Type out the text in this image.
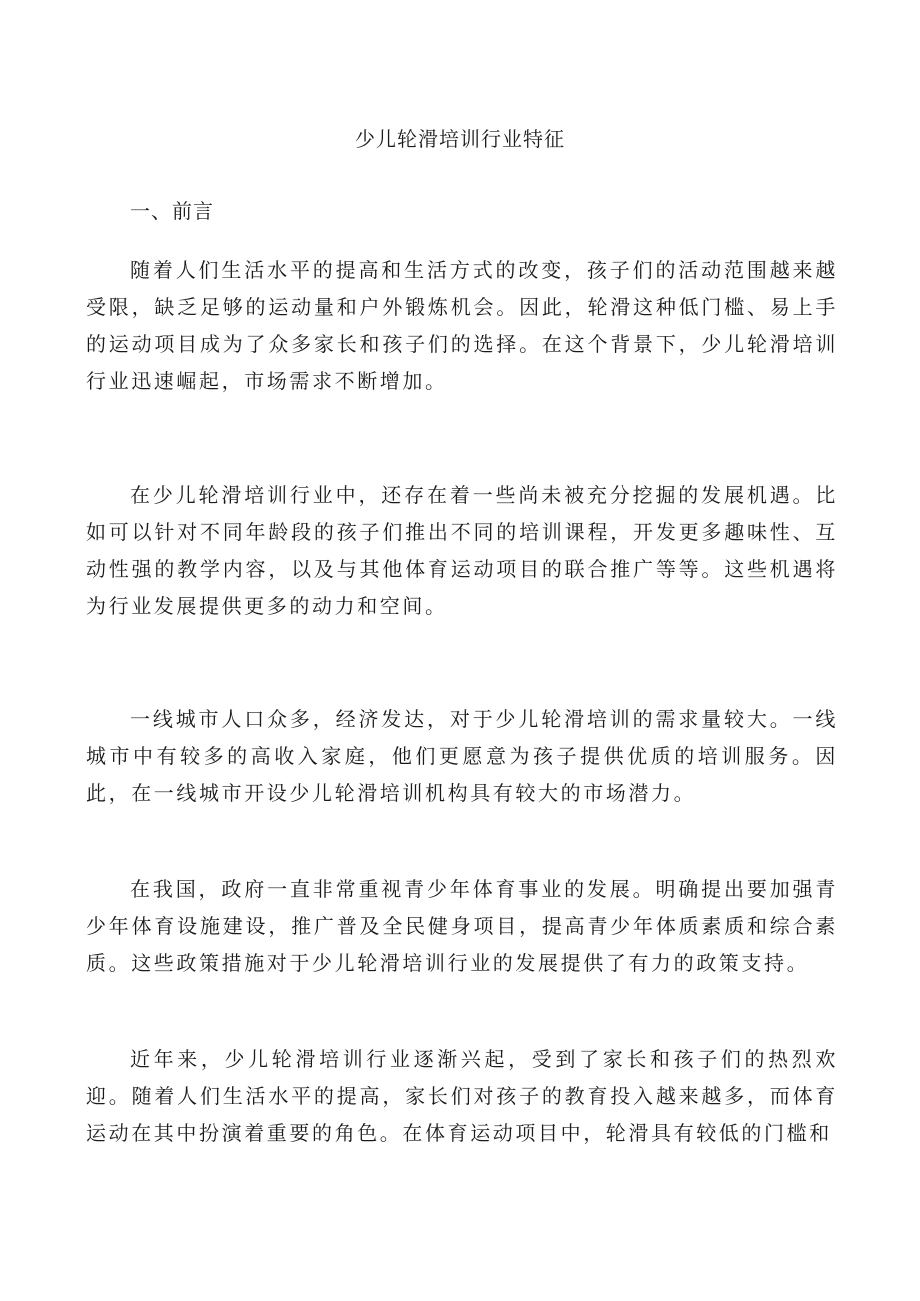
少儿轮滑培训行业特征
一、前言

随着人们生活水平的提高和生活方式的改变，孩子们的活动范围越来越受限，缺乏足够的运动量和户外锻炼机会。因此，轮滑这种低门槛、易上手的运动项目成为了众多家长和孩子们的选择。在这个背景下，少儿轮滑培训行业迅速崛起，市场需求不断增加。

在少儿轮滑培训行业中，还存在着一些尚未被充分挖掘的发展机遇。比如可以针对不同年龄段的孩子们推出不同的培训课程，开发更多趣味性、互动性强的教学内容，以及与其他体育运动项目的联合推广等等。这些机遇将为行业发展提供更多的动力和空间。

一线城市人口众多，经济发达，对于少儿轮滑培训的需求量较大。一线城市中有较多的高收入家庭，他们更愿意为孩子提供优质的培训服务。因此，在一线城市开设少儿轮滑培训机构具有较大的市场潜力。

在我国，政府一直非常重视青少年体育事业的发展。明确提出要加强青少年体育设施建设，推广普及全民健身项目，提高青少年体质素质和综合素质。这些政策措施对于少儿轮滑培训行业的发展提供了有力的政策支持。

近年来，少儿轮滑培训行业逐渐兴起，受到了家长和孩子们的热烈欢迎。随着人们生活水平的提高，家长们对孩子的教育投入越来越多，而体育运动在其中扮演着重要的角色。在体育运动项目中，轮滑具有较低的门槛和
